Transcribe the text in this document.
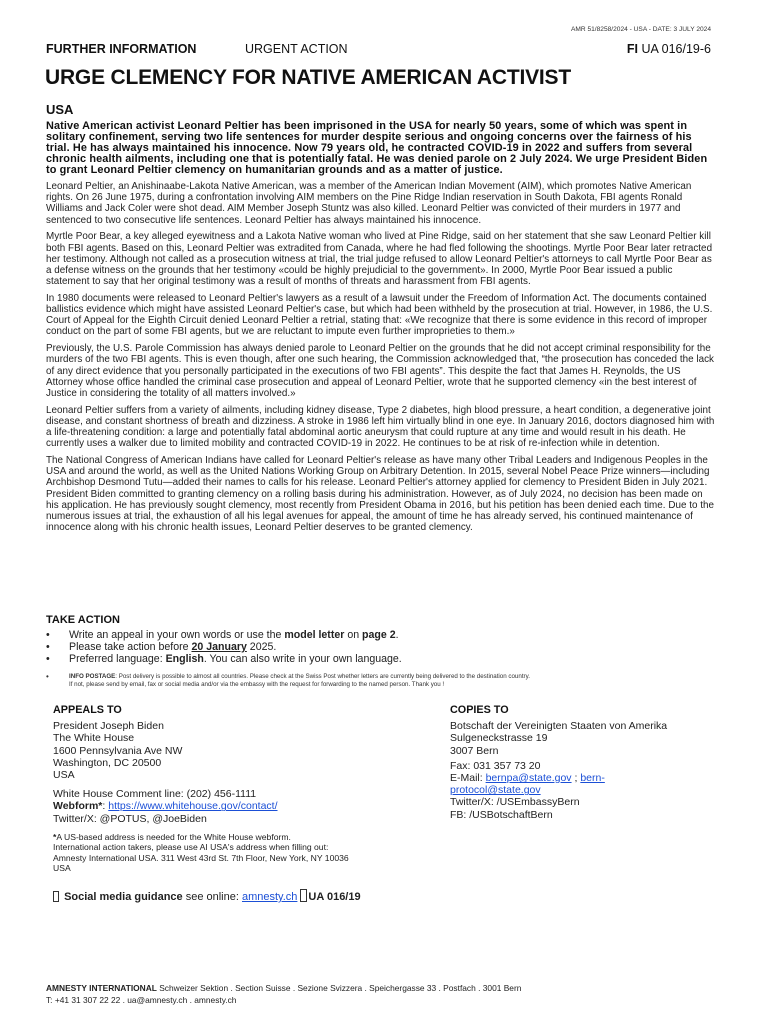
AMR 51/8258/2024 - USA - DATE: 3 JULY 2024
FURTHER INFORMATION	URGENT ACTION	FI UA 016/19-6
URGE CLEMENCY FOR NATIVE AMERICAN ACTIVIST
USA

Native American activist Leonard Peltier has been imprisoned in the USA for nearly 50 years, some of which was spent in solitary confinement, serving two life sentences for murder despite serious and ongoing concerns over the fairness of his trial. He has always maintained his innocence. Now 79 years old, he contracted COVID-19 in 2022 and suffers from several chronic health ailments, including one that is potentially fatal. He was denied parole on 2 July 2024. We urge President Biden to grant Leonard Peltier clemency on humanitarian grounds and as a matter of justice.

Leonard Peltier, an Anishinaabe-Lakota Native American, was a member of the American Indian Movement (AIM), which promotes Native American rights. On 26 June 1975, during a confrontation involving AIM members on the Pine Ridge Indian reservation in South Dakota, FBI agents Ronald Williams and Jack Coler were shot dead. AIM Member Joseph Stuntz was also killed. Leonard Peltier was convicted of their murders in 1977 and sentenced to two consecutive life sentences. Leonard Peltier has always maintained his innocence.

Myrtle Poor Bear, a key alleged eyewitness and a Lakota Native woman who lived at Pine Ridge, said on her statement that she saw Leonard Peltier kill both FBI agents. Based on this, Leonard Peltier was extradited from Canada, where he had fled following the shootings. Myrtle Poor Bear later retracted her testimony. Although not called as a prosecution witness at trial, the trial judge refused to allow Leonard Peltier's attorneys to call Myrtle Poor Bear as a defense witness on the grounds that her testimony «could be highly prejudicial to the government». In 2000, Myrtle Poor Bear issued a public statement to say that her original testimony was a result of months of threats and harassment from FBI agents.

In 1980 documents were released to Leonard Peltier's lawyers as a result of a lawsuit under the Freedom of Information Act. The documents contained ballistics evidence which might have assisted Leonard Peltier's case, but which had been withheld by the prosecution at trial. However, in 1986, the U.S. Court of Appeal for the Eighth Circuit denied Leonard Peltier a retrial, stating that: «We recognize that there is some evidence in this record of improper conduct on the part of some FBI agents, but we are reluctant to impute even further improprieties to them.»

Previously, the U.S. Parole Commission has always denied parole to Leonard Peltier on the grounds that he did not accept criminal responsibility for the murders of the two FBI agents. This is even though, after one such hearing, the Commission acknowledged that, “the prosecution has conceded the lack of any direct evidence that you personally participated in the executions of two FBI agents”. This despite the fact that James H. Reynolds, the US Attorney whose office handled the criminal case prosecution and appeal of Leonard Peltier, wrote that he supported clemency «in the best interest of Justice in considering the totality of all matters involved.»

Leonard Peltier suffers from a variety of ailments, including kidney disease, Type 2 diabetes, high blood pressure, a heart condition, a degenerative joint disease, and constant shortness of breath and dizziness. A stroke in 1986 left him virtually blind in one eye. In January 2016, doctors diagnosed him with a life-threatening condition: a large and potentially fatal abdominal aortic aneurysm that could rupture at any time and would result in his death. He currently uses a walker due to limited mobility and contracted COVID-19 in 2022. He continues to be at risk of re-infection while in detention.

The National Congress of American Indians have called for Leonard Peltier's release as have many other Tribal Leaders and Indigenous Peoples in the USA and around the world, as well as the United Nations Working Group on Arbitrary Detention. In 2015, several Nobel Peace Prize winners—including Archbishop Desmond Tutu—added their names to calls for his release. Leonard Peltier's attorney applied for clemency to President Biden in July 2021. President Biden committed to granting clemency on a rolling basis during his administration. However, as of July 2024, no decision has been made on his application. He has previously sought clemency, most recently from President Obama in 2016, but his petition has been denied each time. Due to the numerous issues at trial, the exhaustion of all his legal avenues for appeal, the amount of time he has already served, his continued maintenance of innocence along with his chronic health issues, Leonard Peltier deserves to be granted clemency.

TAKE ACTION
• Write an appeal in your own words or use the model letter on page 2.
• Please take action before 20 January 2025.
• Preferred language: English. You can also write in your own language.
• INFO POSTAGE: Post delivery is possible to almost all countries. Please check at the Swiss Post whether letters are currently being delivered to the destination country.
If not, please send by email, fax or social media and/or via the embassy with the request for forwarding to the named person. Thank you !
APPEALS TO
President Joseph Biden
The White House
1600 Pennsylvania Ave NW
Washington, DC 20500
USA
White House Comment line: (202) 456-1111
Webform*: https://www.whitehouse.gov/contact/
Twitter/X: @POTUS, @JoeBiden
*A US-based address is needed for the White House webform.
International action takers, please use AI USA's address when filling out:
Amnesty International USA. 311 West 43rd St. 7th Floor, New York, NY 10036
USA
COPIES TO
Botschaft der Vereinigten Staaten von Amerika
Sulgeneckstrasse 19
3007 Bern
Fax: 031 357 73 20
E-Mail: bernpa@state.gov ; bern-
protocol@state.gov
Twitter/X: /USEmbassyBern
FB: /USBotschaftBern
Social media guidance see online: amnesty.ch UA 016/19
AMNESTY INTERNATIONAL Schweizer Sektion . Section Suisse . Sezione Svizzera . Speichergasse 33 . Postfach . 3001 Bern
T: +41 31 307 22 22 . ua@amnesty.ch . amnesty.ch
